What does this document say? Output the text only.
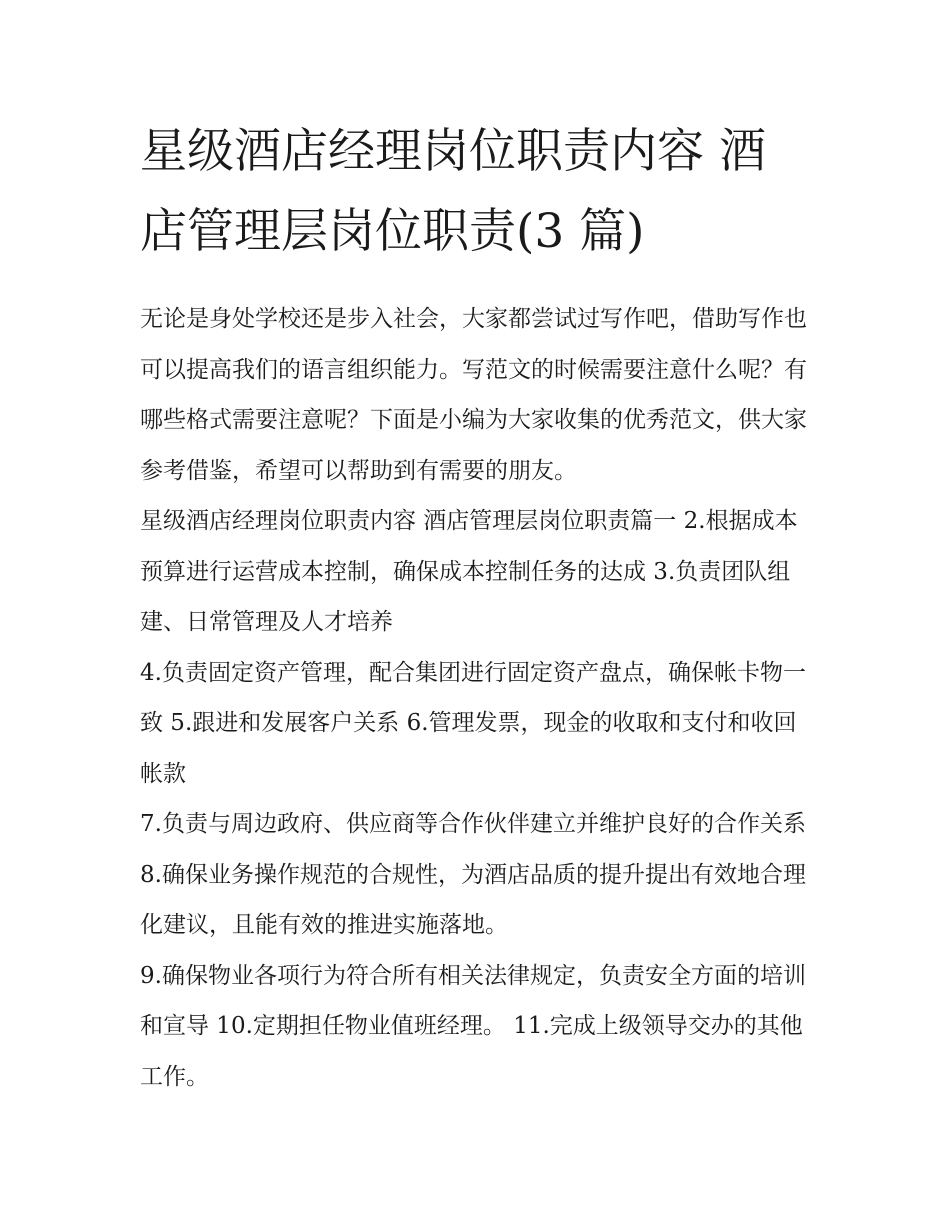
星级酒店经理岗位职责内容 酒店管理层岗位职责(3 篇)

无论是身处学校还是步入社会，大家都尝试过写作吧，借助写作也可以提高我们的语言组织能力。写范文的时候需要注意什么呢？有哪些格式需要注意呢？下面是小编为大家收集的优秀范文，供大家参考借鉴，希望可以帮助到有需要的朋友。

星级酒店经理岗位职责内容 酒店管理层岗位职责篇一 2.根据成本预算进行运营成本控制，确保成本控制任务的达成 3.负责团队组建、日常管理及人才培养

4.负责固定资产管理，配合集团进行固定资产盘点，确保帐卡物一致 5.跟进和发展客户关系 6.管理发票，现金的收取和支付和收回帐款

7.负责与周边政府、供应商等合作伙伴建立并维护良好的合作关系 8.确保业务操作规范的合规性，为酒店品质的提升提出有效地合理化建议，且能有效的推进实施落地。

9.确保物业各项行为符合所有相关法律规定，负责安全方面的培训和宣导 10.定期担任物业值班经理。 11.完成上级领导交办的其他工作。
